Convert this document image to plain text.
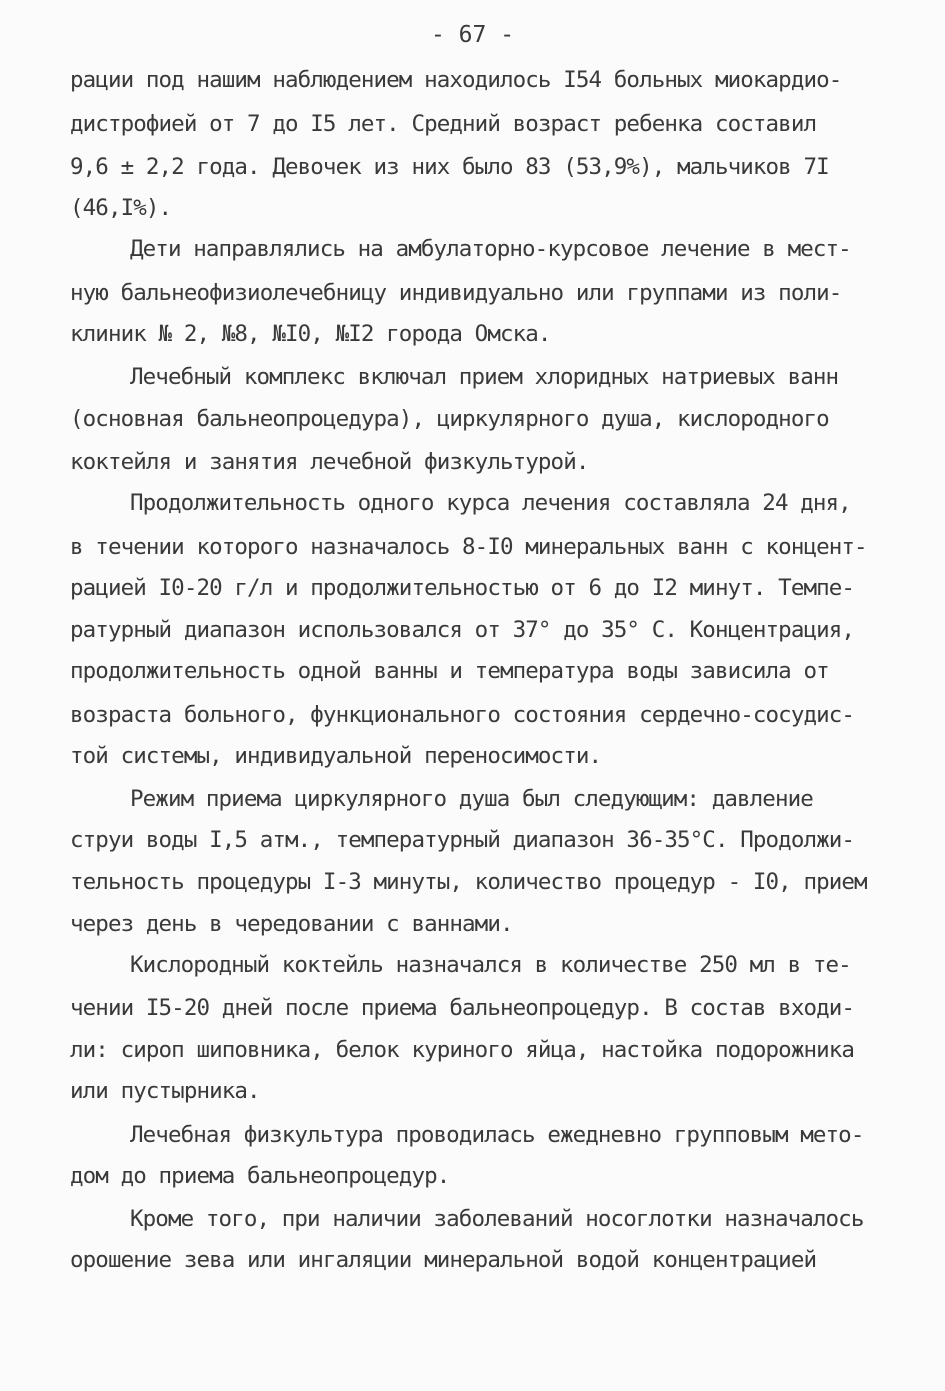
- 67 -
рации под нашим наблюдением находилось I54 больных миокардио-
дистрофией от 7 до I5 лет. Средний возраст ребенка составил
9,6 ± 2,2 года. Девочек из них было 83 (53,9%), мальчиков 7I
(46,I%).
Дети направлялись на амбулаторно-курсовое лечение в мест-
ную бальнеофизиолечебницу индивидуально или группами из поли-
клиник № 2, №8, №I0, №I2 города Омска.
Лечебный комплекс включал прием хлоридных натриевых ванн
(основная бальнеопроцедура), циркулярного душа, кислородного
коктейля и занятия лечебной физкультурой.
Продолжительность одного курса лечения составляла 24 дня,
в течении которого назначалось 8-I0 минеральных ванн с концент-
рацией I0-20 г/л и продолжительностью от 6 до I2 минут. Темпе-
ратурный диапазон использовался от 37° до 35° С. Концентрация,
продолжительность одной ванны и температура воды зависила от
возраста больного, функционального состояния сердечно-сосудис-
той системы, индивидуальной переносимости.
Режим приема циркулярного душа был следующим: давление
струи воды I,5 атм., температурный диапазон 36-35°С. Продолжи-
тельность процедуры I-3 минуты, количество процедур - I0, прием
через день в чередовании с ваннами.
Кислородный коктейль назначался в количестве 250 мл в те-
чении I5-20 дней после приема бальнеопроцедур. В состав входи-
ли: сироп шиповника, белок куриного яйца, настойка подорожника
или пустырника.
Лечебная физкультура проводилась ежедневно групповым мето-
дом до приема бальнеопроцедур.
Кроме того, при наличии заболеваний носоглотки назначалось
орошение зева или ингаляции минеральной водой концентрацией
